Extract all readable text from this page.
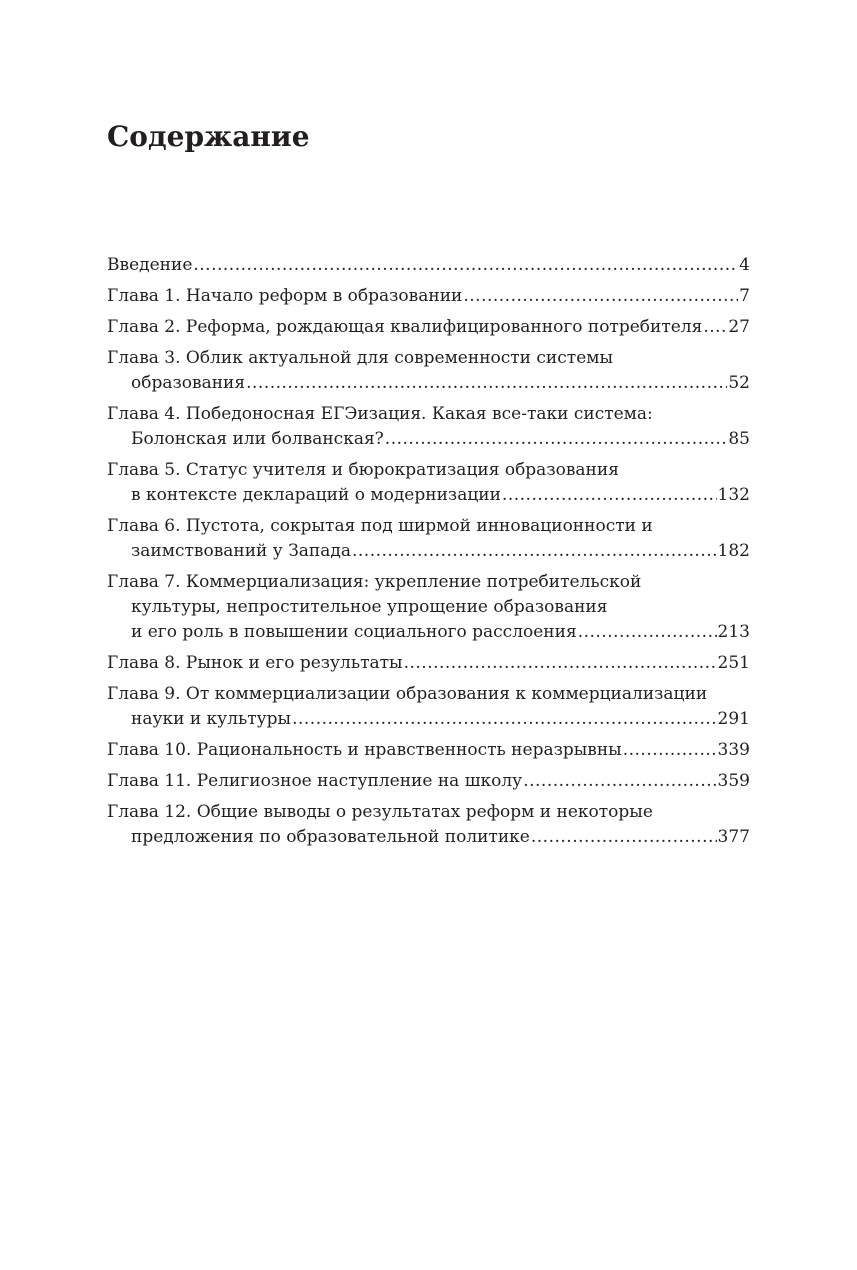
Содержание
Введение .....	4
Глава 1. Начало реформ в образовании .....	7
Глава 2. Реформа, рождающая квалифицированного потребителя ..... 27
Глава 3. Облик актуальной для современности системы
образования .....	52
Глава 4. Победоносная ЕГЭизация. Какая все-таки система:
Болонская или болванская? .....	85
Глава 5. Статус учителя и бюрократизация образования
в контексте деклараций о модернизации .....	132
Глава 6. Пустота, сокрытая под ширмой инновационности и
заимствований у Запада .....	182
Глава 7. Коммерциализация: укрепление потребительской
культуры, непростительное упрощение образования
и его роль в повышении социального расслоения .....	213
Глава 8. Рынок и его результаты .....	251
Глава 9. От коммерциализации образования к коммерциализации
науки и культуры .....	291
Глава 10. Рациональность и нравственность неразрывны .....	339
Глава 11. Религиозное наступление на школу .....	359
Глава 12. Общие выводы о результатах реформ и некоторые
предложения по образовательной политике .....	377
